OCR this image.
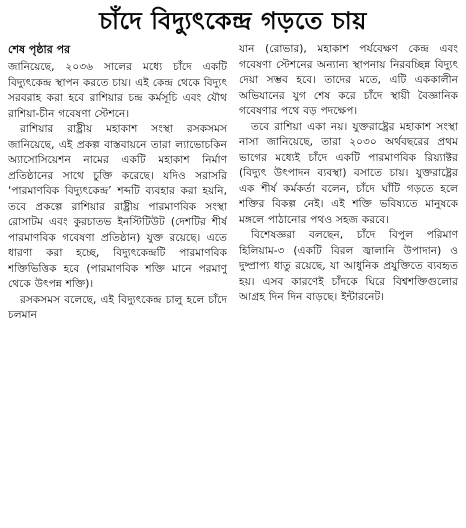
চাঁদে বিদ্যুৎকেন্দ্র গড়তে চায়
শেষ পৃষ্ঠার পর

জানিয়েছে, ২০৩৬ সালের মধ্যে চাঁদে একটি বিদ্যুৎকেন্দ্র স্থাপন করতে চায়। এই কেন্দ্র থেকে বিদ্যুৎ সরবরাহ করা হবে রাশিয়ার চন্দ্র কর্মসূচি এবং যৌথ রাশিয়া-চীন গবেষণা স্টেশনে।

রাশিয়ার রাষ্ট্রীয় মহাকাশ সংস্থা রসকসমস জানিয়েছে, এই প্রকল্প বাস্তবায়নে তারা ল্যাভোচকিন অ্যাসোসিয়েশন নামের একটি মহাকাশ নির্মাণ প্রতিষ্ঠানের সাথে চুক্তি করেছে। যদিও সরাসরি ‘পারমাণবিক বিদ্যুৎকেন্দ্র’ শব্দটি ব্যবহার করা হয়নি, তবে প্রকল্পে রাশিয়ার রাষ্ট্রীয় পারমাণবিক সংস্থা রোসাটম এবং কুরচাতভ ইনস্টিটিউট (দেশটির শীর্ষ পারমাণবিক গবেষণা প্রতিষ্ঠান) যুক্ত রয়েছে। এতে ধারণা করা হচ্ছে, বিদ্যুৎকেন্দ্রটি পারমাণবিক শক্তিভিত্তিক হবে (পারমাণবিক শক্তি মানে পরমাণু থেকে উৎপন্ন শক্তি)।

রসকসমস বলেছে, এই বিদ্যুৎকেন্দ্র চালু হলে চাঁদে চলমান

যান (রোভার), মহাকাশ পর্যবেক্ষণ কেন্দ্র এবং গবেষণা স্টেশনের অন্যান্য স্থাপনায় নিরবচ্ছিন্ন বিদ্যুৎ দেয়া সম্ভব হবে। তাদের মতে, এটি এককালীন অভিযানের যুগ শেষ করে চাঁদে স্থায়ী বৈজ্ঞানিক গবেষণার পথে বড় পদক্ষেপ।

তবে রাশিয়া একা নয়। যুক্তরাষ্ট্রের মহাকাশ সংস্থা নাসা জানিয়েছে, তারা ২০৩০ অর্থবছরের প্রথম ভাগের মধ্যেই চাঁদে একটি পারমাণবিক রিয়্যাক্টর (বিদ্যুৎ উৎপাদন ব্যবস্থা) বসাতে চায়। যুক্তরাষ্ট্রের এক শীর্ষ কর্মকর্তা বলেন, চাঁদে ঘাঁটি গড়তে হলে শক্তির বিকল্প নেই। এই শক্তি ভবিষ্যতে মানুষকে মঙ্গলে পাঠানোর পথও সহজ করবে।

বিশেষজ্ঞরা বলছেন, চাঁদে বিপুল পরিমাণ হিলিয়াম-৩ (একটি বিরল জ্বালানি উপাদান) ও দুষ্প্রাপ্য ধাতু রয়েছে, যা আধুনিক প্রযুক্তিতে ব্যবহৃত হয়। এসব কারণেই চাঁদকে ঘিরে বিশ্বশক্তিগুলোর আগ্রহ দিন দিন বাড়ছে। ইন্টারনেট।
